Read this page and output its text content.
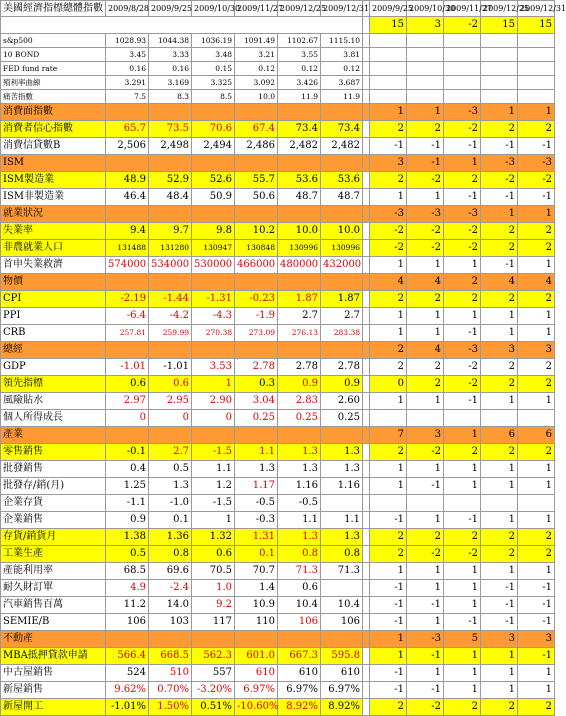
美國經濟指標總體指數	2009/8/28	2009/9/25	2009/10/30	2009/11/27	2009/12/25	2009/12/31		2009/9/25	2009/10/30	2009/11/27	2009/12/25	2009/12/31
								15	3	-2	15	15
s&p500	1028.93	1044.38	1036.19	1091.49	1102.67	1115.10						
10 BOND	3.45	3.33	3.48	3.21	3.55	3.81						
FED fund rate	0.16	0.16	0.15	0.12	0.12	0.12						
殖利率曲線	3.291	3.169	3.325	3.092	3.426	3.687						
痛苦指數	7.5	8.3	8.5	10.0	11.9	11.9						
消費面指數								1	1	-3	1	1
消費者信心指數	65.7	73.5	70.6	67.4	73.4	73.4		2	2	-2	2	2
消費信貸數B	2,506	2,498	2,494	2,486	2,482	2,482		-1	-1	-1	-1	-1
ISM								3	-1	1	-3	-3
ISM製造業	48.9	52.9	52.6	55.7	53.6	53.6		2	-2	2	-2	-2
ISM非製造業	46.4	48.4	50.9	50.6	48.7	48.7		1	1	-1	-1	-1
就業狀況								-3	-3	-3	1	1
失業率	9.4	9.7	9.8	10.2	10.0	10.0		-2	-2	-2	2	2
非農就業人口	131488	131280	130947	130848	130996	130996		-2	-2	-2	2	2
首申失業救濟	574000	534000	530000	466000	480000	432000		1	1	1	-1	1
物價								4	4	2	4	4
CPI	-2.19	-1.44	-1.31	-0.23	1.87	1.87		2	2	2	2	2
PPI	-6.4	-4.2	-4.3	-1.9	2.7	2.7		1	1	1	1	1
CRB	257.81	259.99	270.38	273.09	276.13	283.38		1	1	-1	1	1
總經								2	4	-3	3	3
GDP	-1.01	-1.01	3.53	2.78	2.78	2.78		2	2	-2	2	2
領先指標	0.6	0.6	1	0.3	0.9	0.9		0	2	-2	2	2
風險貼水	2.97	2.95	2.90	3.04	2.83	2.60		1	1	-1	1	1
個人所得成長	0	0	0	0.25	0.25	0.25						
產業								7	3	1	6	6
零售銷售	-0.1	2.7	-1.5	1.1	1.3	1.3		2	-2	2	2	2
批發銷售	0.4	0.5	1.1	1.3	1.3	1.3		1	1	1	1	1
批發存/銷(月)	1.25	1.3	1.2	1.17	1.16	1.16		1	-1	1	1	1
企業存貨	-1.1	-1.0	-1.5	-0.5	-0.5							
企業銷售	0.9	0.1	1	-0.3	1.1	1.1		-1	1	-1	1	1
存貨/銷貨月	1.38	1.36	1.32	1.31	1.3	1.3		2	2	2	2	2
工業生產	0.5	0.8	0.6	0.1	0.8	0.8		2	-2	-2	2	2
產能利用率	68.5	69.6	70.5	70.7	71.3	71.3		1	1	1	1	1
耐久財訂單	4.9	-2.4	1.0	1.4	0.6			-1	1	1	-1	-1
汽車銷售百萬	11.2	14.0	9.2	10.9	10.4	10.4		-1	-1	1	-1	-1
SEMIE/B	106	103	117	110	106	106		-1	1	-1	-1	-1
不動產								1	-3	5	3	3
MBA抵押貸款申請	566.4	668.5	562.3	601.0	667.3	595.8		1	-1	1	1	-1
中古屋銷售	524	510	557	610	610	610		-1	1	1	1	1
新屋銷售	9.62%	0.70%	-3.20%	6.97%	6.97%	6.97%		-1	-1	1	1	1
新屋開工	-1.01%	1.50%	0.51%	-10.60%	8.92%	8.92%		2	-2	2	2	2
